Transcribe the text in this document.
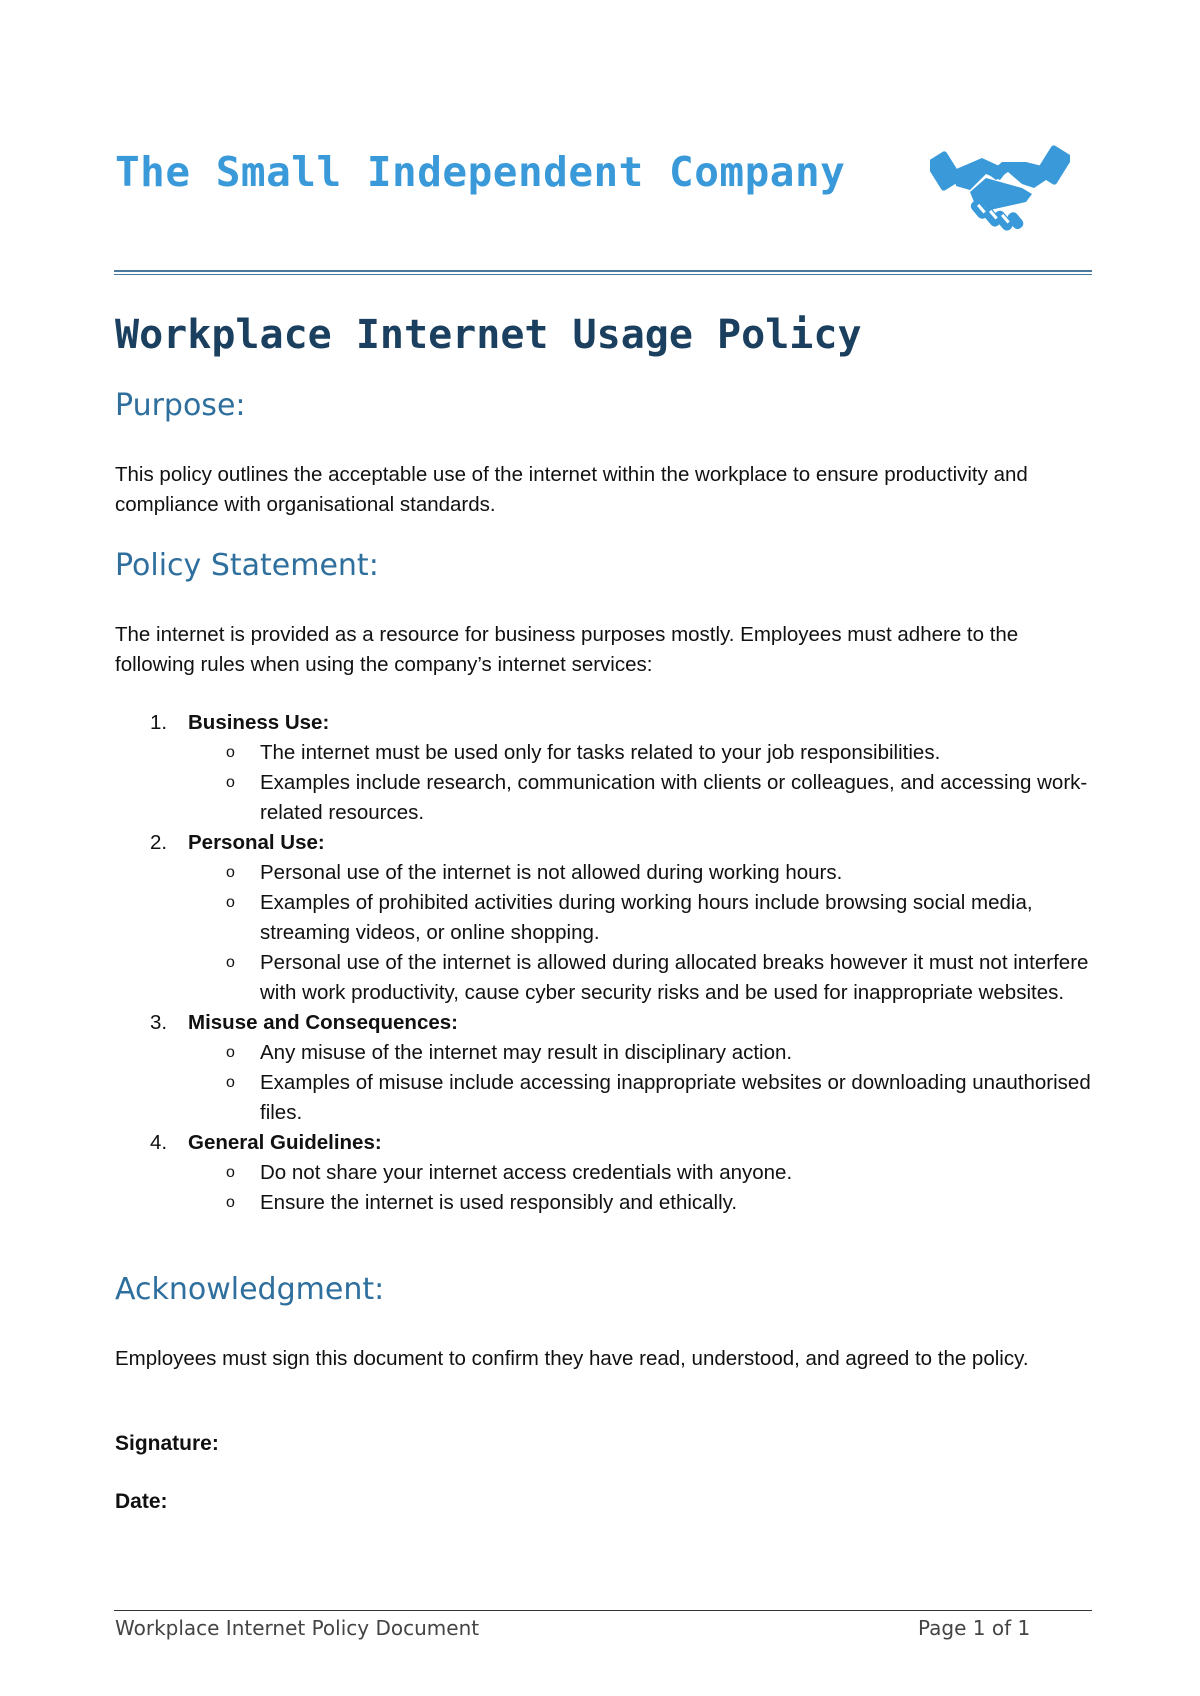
The Small Independent Company
Workplace Internet Usage Policy
Purpose:
This policy outlines the acceptable use of the internet within the workplace to ensure productivity and compliance with organisational standards.
Policy Statement:
The internet is provided as a resource for business purposes mostly. Employees must adhere to the following rules when using the company’s internet services:
1. Business Use:
o The internet must be used only for tasks related to your job responsibilities.
o Examples include research, communication with clients or colleagues, and accessing work-related resources.
2. Personal Use:
o Personal use of the internet is not allowed during working hours.
o Examples of prohibited activities during working hours include browsing social media, streaming videos, or online shopping.
o Personal use of the internet is allowed during allocated breaks however it must not interfere with work productivity, cause cyber security risks and be used for inappropriate websites.
3. Misuse and Consequences:
o Any misuse of the internet may result in disciplinary action.
o Examples of misuse include accessing inappropriate websites or downloading unauthorised files.
4. General Guidelines:
o Do not share your internet access credentials with anyone.
o Ensure the internet is used responsibly and ethically.
Acknowledgment:
Employees must sign this document to confirm they have read, understood, and agreed to the policy.
Signature:
Date:
Workplace Internet Policy Document	Page 1 of 1
